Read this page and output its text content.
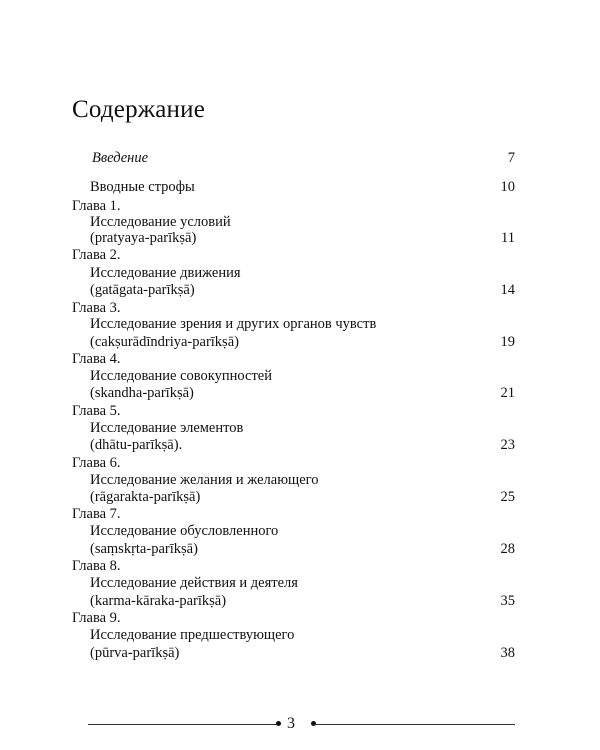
Содержание
Введение	7
Вводные строфы	10
Глава 1.
Исследование условий
(pratyaya-parīkṣā)	11
Глава 2.
Исследование движения
(gatāgata-parīkṣā)	14
Глава 3.
Исследование зрения и других органов чувств
(cakṣurādīndriya-parīkṣā)	19
Глава 4.
Исследование совокупностей
(skandha-parīkṣā)	21
Глава 5.
Исследование элементов
(dhātu-parīkṣā).	23
Глава 6.
Исследование желания и желающего
(rāgarakta-parīkṣā)	25
Глава 7.
Исследование обусловленного
(saṃskṛta-parīkṣā)	28
Глава 8.
Исследование действия и деятеля
(karma-kāraka-parīkṣā)	35
Глава 9.
Исследование предшествующего
(pūrva-parīkṣā)	38
3
